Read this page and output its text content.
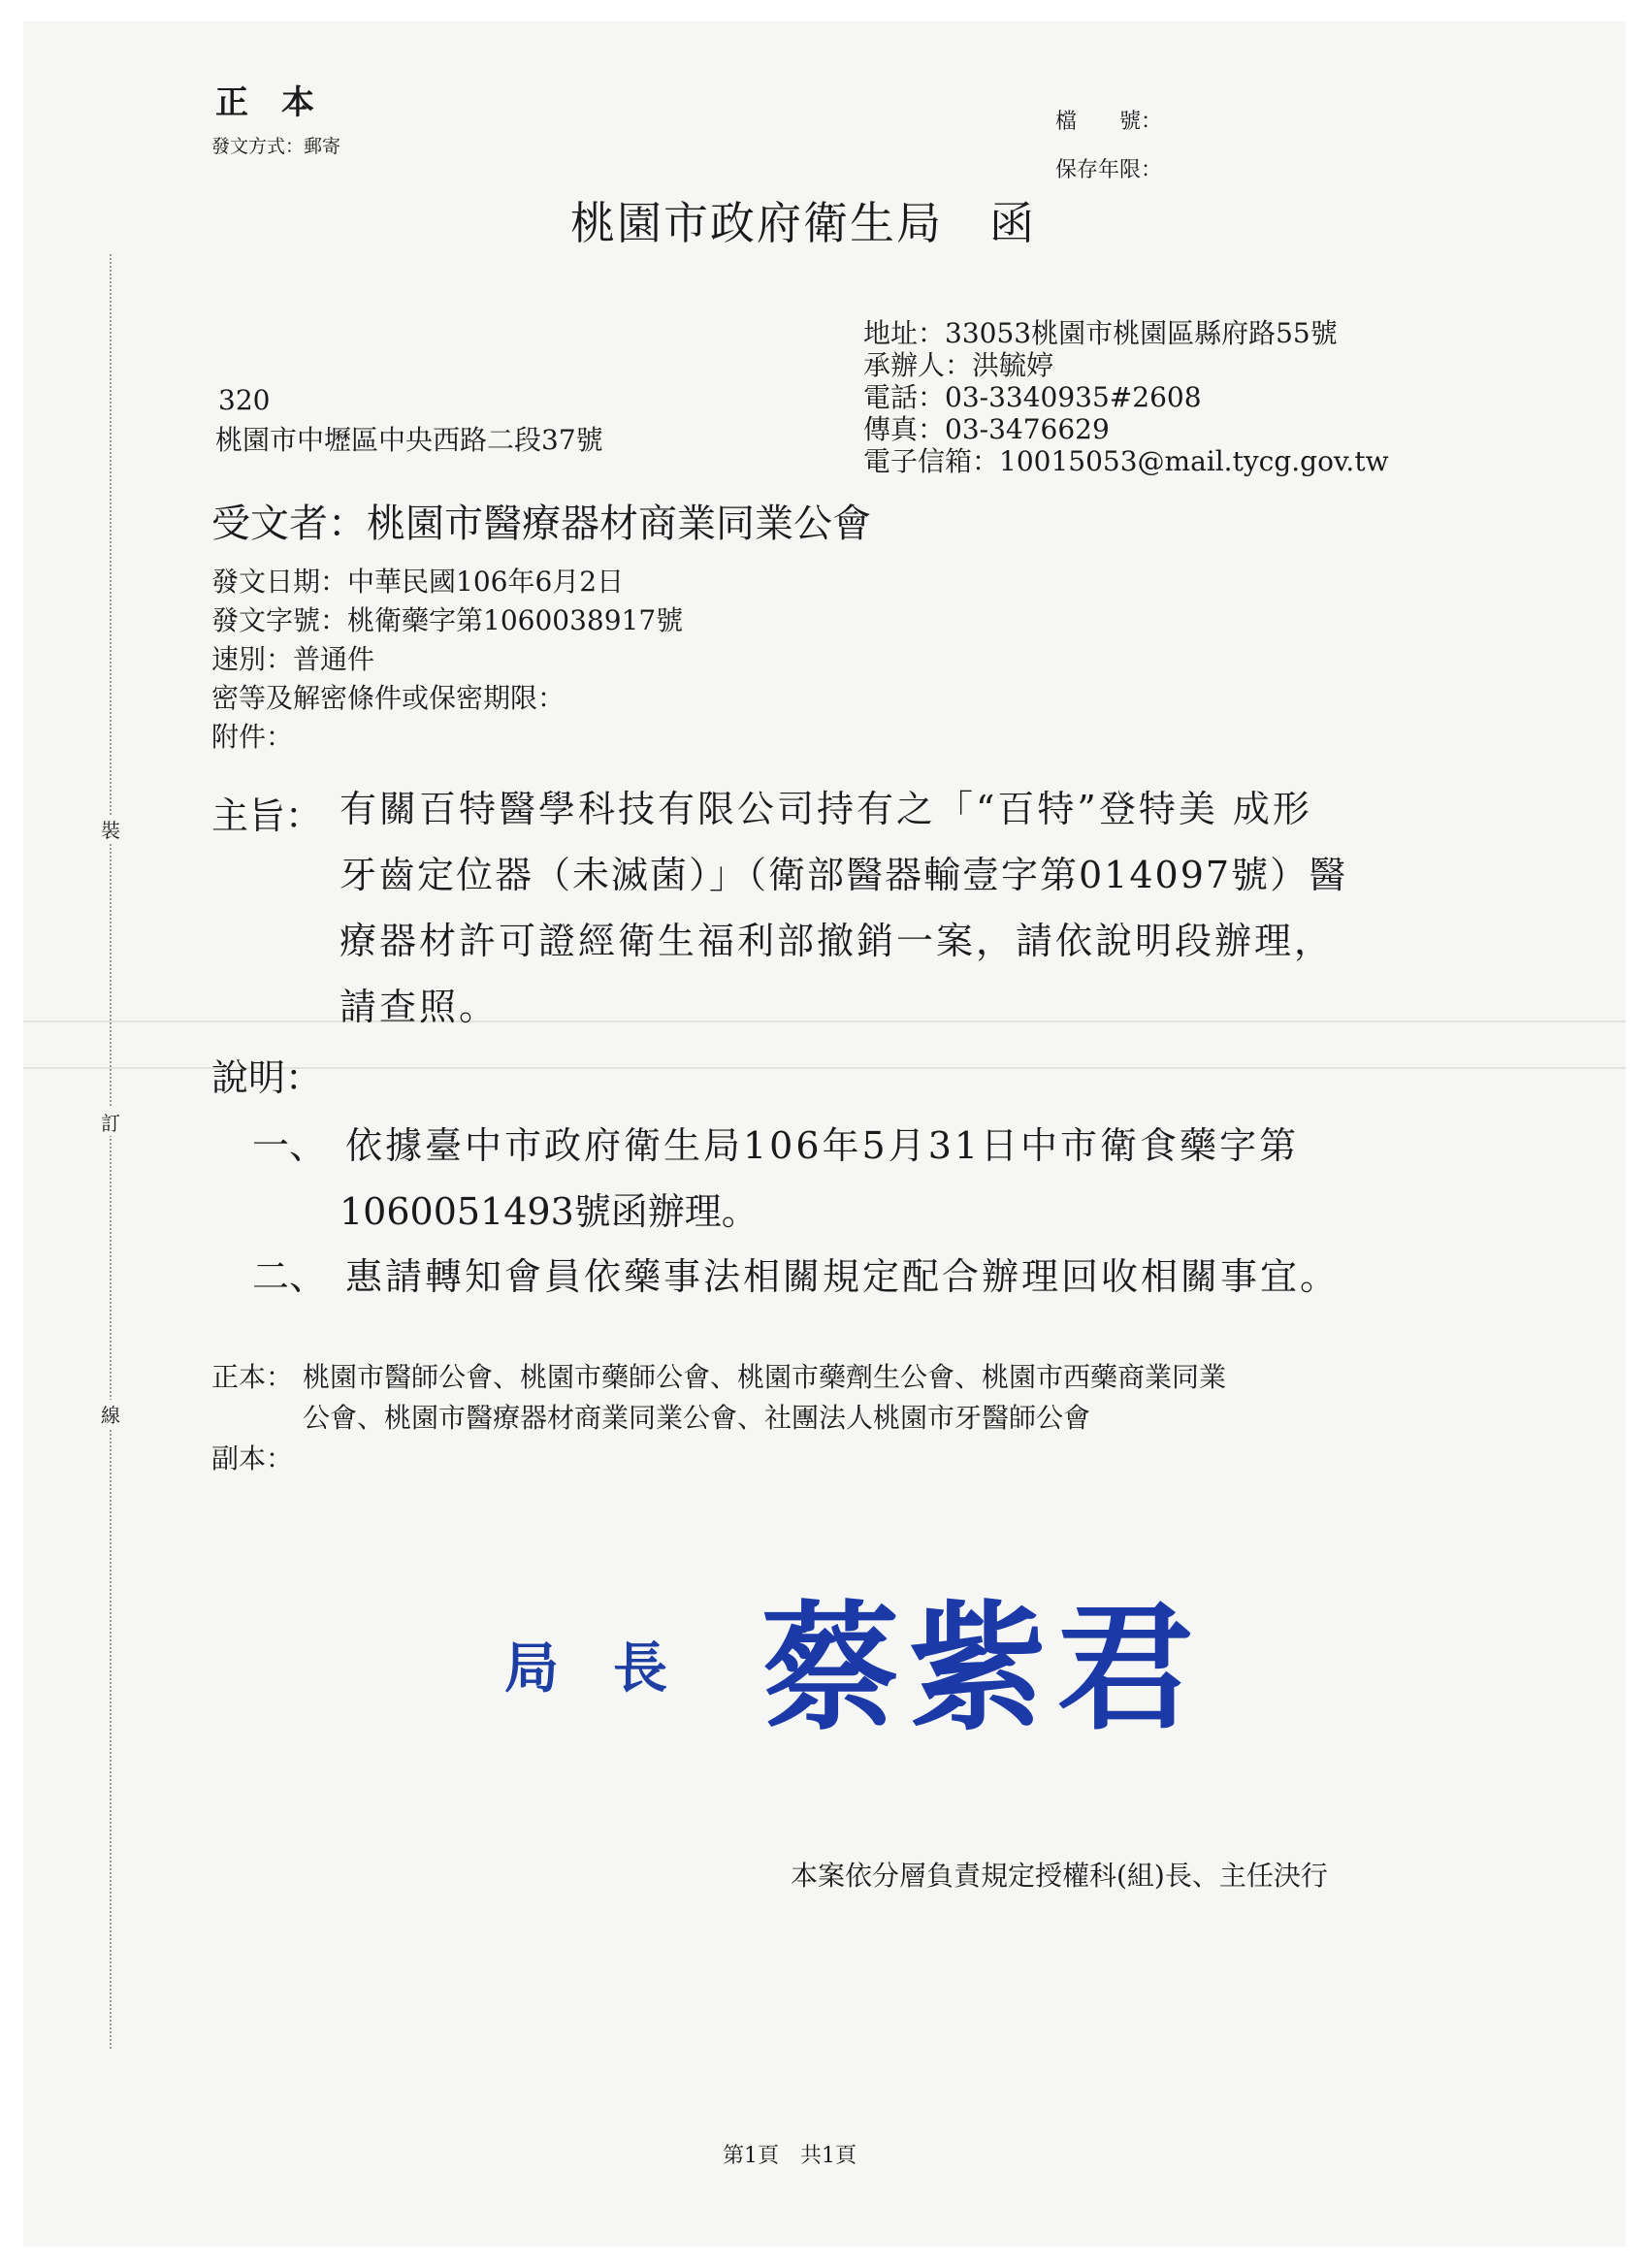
裝
訂
線
正　本
發文方式：郵寄
檔　　號：
保存年限：
桃園市政府衛生局　函
地址：33053桃園市桃園區縣府路55號
承辦人：洪毓婷
電話：03-3340935#2608
傳真：03-3476629
電子信箱：10015053@mail.tycg.gov.tw
320
桃園市中壢區中央西路二段37號
受文者：桃園市醫療器材商業同業公會
發文日期：中華民國106年6月2日
發文字號：桃衛藥字第1060038917號
速別：普通件
密等及解密條件或保密期限：
附件：
主旨： 有關百特醫學科技有限公司持有之「“百特”登特美 成形
牙齒定位器（未滅菌）」（衛部醫器輸壹字第014097號）醫
療器材許可證經衛生福利部撤銷一案，請依說明段辦理，
請查照。
說明：
一、 依據臺中市政府衛生局106年5月31日中市衛食藥字第
1060051493號函辦理。
二、 惠請轉知會員依藥事法相關規定配合辦理回收相關事宜。
正本： 桃園市醫師公會、桃園市藥師公會、桃園市藥劑生公會、桃園市西藥商業同業
公會、桃園市醫療器材商業同業公會、社團法人桃園市牙醫師公會
副本：
局　長 蔡紫君
本案依分層負責規定授權科(組)長、主任決行
第1頁　共1頁
